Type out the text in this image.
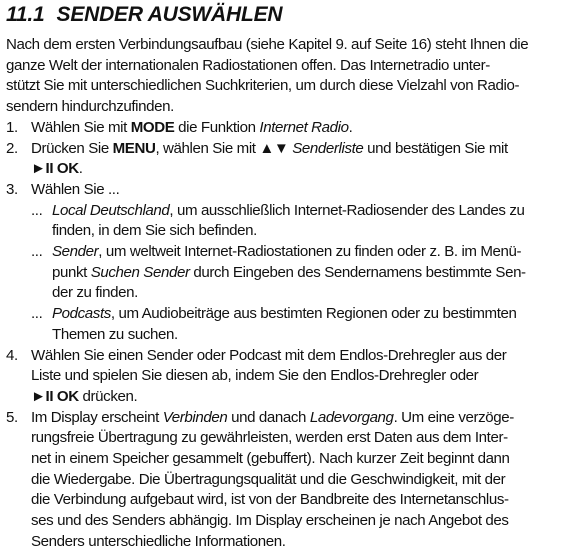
11.1 SENDER AUSWÄHLEN

Nach dem ersten Verbindungsaufbau (siehe Kapitel 9. auf Seite 16) steht Ihnen die

ganze Welt der internationalen Radiostationen offen. Das Internetradio unter-

stützt Sie mit unterschiedlichen Suchkriterien, um durch diese Vielzahl von Radio-

sendern hindurchzufinden.

1. Wählen Sie mit MODE die Funktion Internet Radio.
2. Drücken Sie MENU, wählen Sie mit ▲▼ Senderliste und bestätigen Sie mit
►II OK.
3. Wählen Sie ...
... Local Deutschland, um ausschließlich Internet-Radiosender des Landes zu
finden, in dem Sie sich befinden.
... Sender, um weltweit Internet-Radiostationen zu finden oder z. B. im Menü-
punkt Suchen Sender durch Eingeben des Sendernamens bestimmte Sen-
der zu finden.
... Podcasts, um Audiobeiträge aus bestimten Regionen oder zu bestimmten
Themen zu suchen.
4. Wählen Sie einen Sender oder Podcast mit dem Endlos-Drehregler aus der
Liste und spielen Sie diesen ab, indem Sie den Endlos-Drehregler oder
►II OK drücken.
5. Im Display erscheint Verbinden und danach Ladevorgang. Um eine verzöge-
rungsfreie Übertragung zu gewährleisten, werden erst Daten aus dem Inter-
net in einem Speicher gesammelt (gebuffert). Nach kurzer Zeit beginnt dann
die Wiedergabe. Die Übertragungsqualität und die Geschwindigkeit, mit der
die Verbindung aufgebaut wird, ist von der Bandbreite des Internetanschlus-
ses und des Senders abhängig. Im Display erscheinen je nach Angebot des
Senders unterschiedliche Informationen.
